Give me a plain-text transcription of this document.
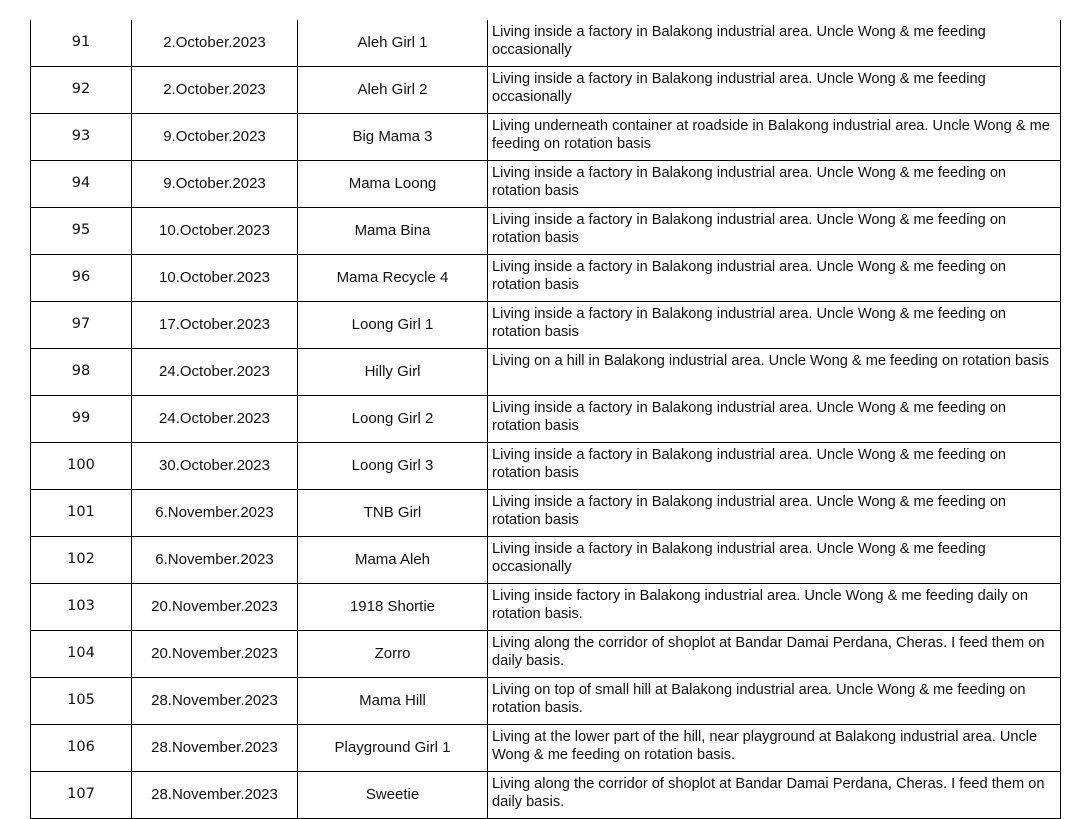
91	2.October.2023	Aleh Girl 1	Living inside a factory in Balakong industrial area. Uncle Wong & me feeding occasionally
92	2.October.2023	Aleh Girl 2	Living inside a factory in Balakong industrial area. Uncle Wong & me feeding occasionally
93	9.October.2023	Big Mama 3	Living underneath container at roadside in Balakong industrial area. Uncle Wong & me feeding on rotation basis
94	9.October.2023	Mama Loong	Living inside a factory in Balakong industrial area. Uncle Wong & me feeding on rotation basis
95	10.October.2023	Mama Bina	Living inside a factory in Balakong industrial area. Uncle Wong & me feeding on rotation basis
96	10.October.2023	Mama Recycle 4	Living inside a factory in Balakong industrial area. Uncle Wong & me feeding on rotation basis
97	17.October.2023	Loong Girl 1	Living inside a factory in Balakong industrial area. Uncle Wong & me feeding on rotation basis
98	24.October.2023	Hilly Girl	Living on a hill in Balakong industrial area. Uncle Wong & me feeding on rotation basis
99	24.October.2023	Loong Girl 2	Living inside a factory in Balakong industrial area. Uncle Wong & me feeding on rotation basis
100	30.October.2023	Loong Girl 3	Living inside a factory in Balakong industrial area. Uncle Wong & me feeding on rotation basis
101	6.November.2023	TNB Girl	Living inside a factory in Balakong industrial area. Uncle Wong & me feeding on rotation basis
102	6.November.2023	Mama Aleh	Living inside a factory in Balakong industrial area. Uncle Wong & me feeding occasionally
103	20.November.2023	1918 Shortie	Living inside factory in Balakong industrial area. Uncle Wong & me feeding daily on rotation basis.
104	20.November.2023	Zorro	Living along the corridor of shoplot at Bandar Damai Perdana, Cheras. I feed them on daily basis.
105	28.November.2023	Mama Hill	Living on top of small hill at Balakong industrial area. Uncle Wong & me feeding on rotation basis.
106	28.November.2023	Playground Girl 1	Living at the lower part of the hill, near playground at Balakong industrial area. Uncle Wong & me feeding on rotation basis.
107	28.November.2023	Sweetie	Living along the corridor of shoplot at Bandar Damai Perdana, Cheras. I feed them on daily basis.
